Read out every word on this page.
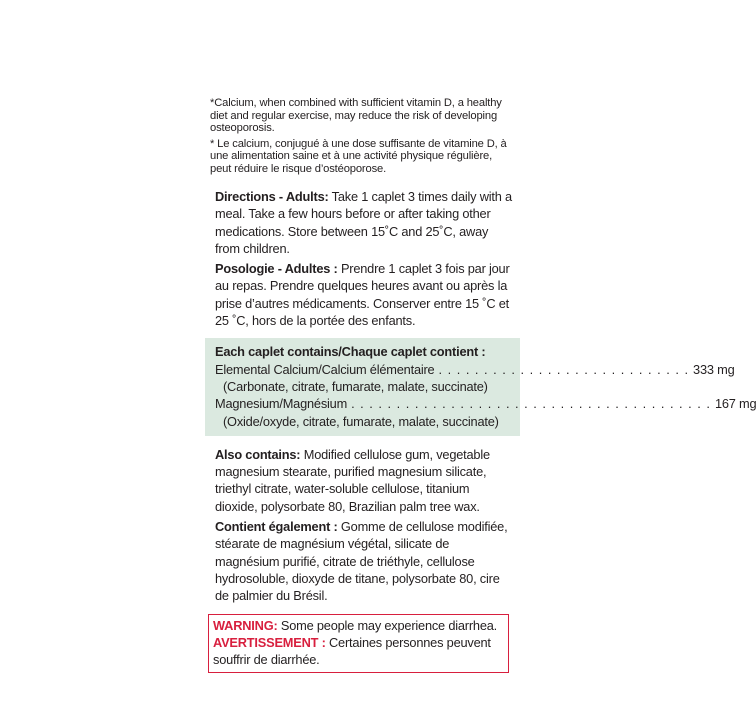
*Calcium, when combined with sufficient vitamin D, a healthy diet and regular exercise, may reduce the risk of developing osteoporosis.

* Le calcium, conjugué à une dose suffisante de vitamine D, à une alimentation saine et à une activité physique régulière, peut réduire le risque d’ostéoporose.

Directions - Adults: Take 1 caplet 3 times daily with a meal. Take a few hours before or after taking other medications. Store between 15˚C and 25˚C, away from children.

Posologie - Adultes : Prendre 1 caplet 3 fois par jour au repas. Prendre quelques heures avant ou après la prise d’autres médicaments. Conserver entre 15 ˚C et 25 ˚C, hors de la portée des enfants.

Each caplet contains/Chaque caplet contient :
Elemental Calcium/Calcium élémentaire . . . . . . . . . . . . . . . . . . . . . . . . . . . . 333 mg
(Carbonate, citrate, fumarate, malate, succinate)
Magnesium/Magnésium . . . . . . . . . . . . . . . . . . . . . . . . . . . . . . . . . . . . . . . . 167 mg
(Oxide/oxyde, citrate, fumarate, malate, succinate)

Also contains: Modified cellulose gum, vegetable magnesium stearate, purified magnesium silicate, triethyl citrate, water-soluble cellulose, titanium dioxide, polysorbate 80, Brazilian palm tree wax.

Contient également : Gomme de cellulose modifiée, stéarate de magnésium végétal, silicate de magnésium purifié, citrate de triéthyle, cellulose hydrosoluble, dioxyde de titane, polysorbate 80, cire de palmier du Brésil.

WARNING: Some people may experience diarrhea.
AVERTISSEMENT : Certaines personnes peuvent souffrir de diarrhée.
